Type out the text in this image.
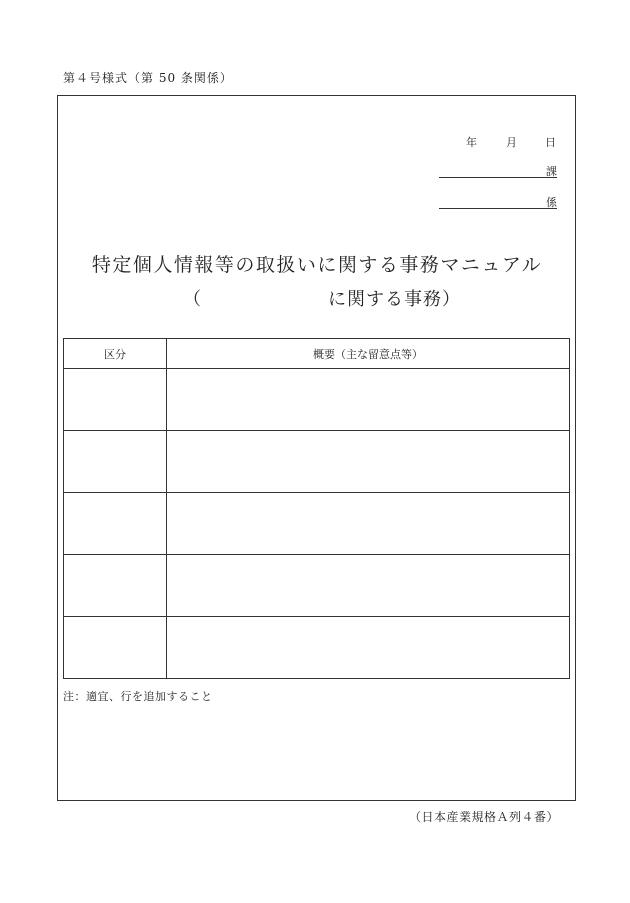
第４号様式（第 50 条関係）
年	月	日
課
係
特定個人情報等の取扱いに関する事務マニュアル
（	に関する事務）
区分	概要（主な留意点等）

注：適宜、行を追加すること
（日本産業規格Ａ列４番）
